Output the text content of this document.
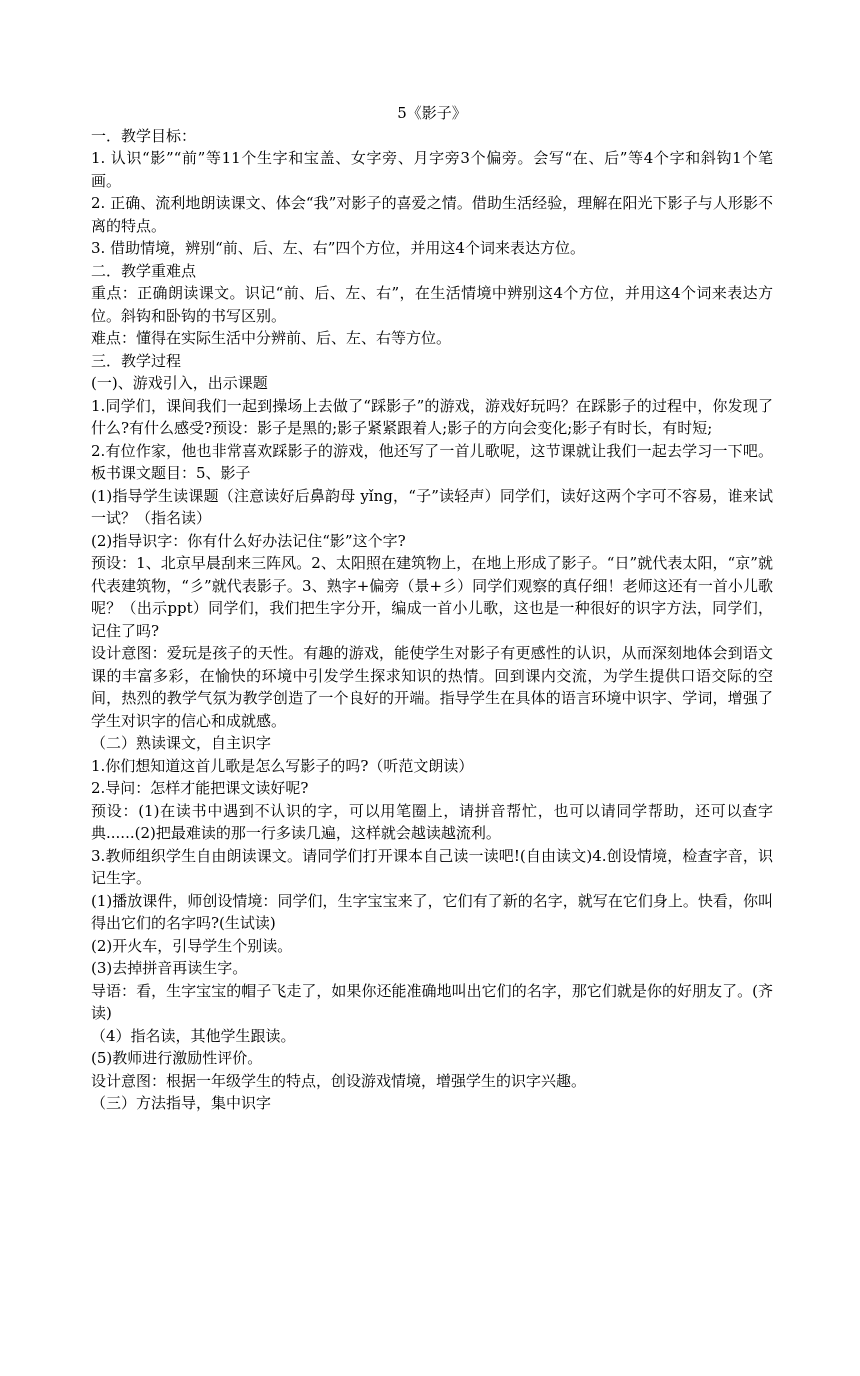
5《影子》

一．教学目标：

1. 认识“影”“前”等11个生字和宝盖、女字旁、月字旁3个偏旁。会写“在、后”等4个字和斜钩1个笔画。

2. 正确、流利地朗读课文、体会“我”对影子的喜爱之情。借助生活经验，理解在阳光下影子与人形影不离的特点。

3. 借助情境，辨别“前、后、左、右”四个方位，并用这4个词来表达方位。

二．教学重难点

重点：正确朗读课文。识记“前、后、左、右”，在生活情境中辨别这4个方位，并用这4个词来表达方位。斜钩和卧钩的书写区别。

难点：懂得在实际生活中分辨前、后、左、右等方位。

三．教学过程

(一)、游戏引入，出示课题

1.同学们，课间我们一起到操场上去做了“踩影子”的游戏，游戏好玩吗？在踩影子的过程中，你发现了什么?有什么感受?预设：影子是黑的;影子紧紧跟着人;影子的方向会变化;影子有时长，有时短;

2.有位作家，他也非常喜欢踩影子的游戏，他还写了一首儿歌呢，这节课就让我们一起去学习一下吧。板书课文题目：5、影子

(1)指导学生读课题（注意读好后鼻韵母 yǐng，“子”读轻声）同学们，读好这两个字可不容易，谁来试一试？（指名读）

(2)指导识字：你有什么好办法记住“影”这个字?

预设：1、北京早晨刮来三阵风。2、太阳照在建筑物上，在地上形成了影子。“日”就代表太阳，“京”就代表建筑物，“彡”就代表影子。3、熟字+偏旁（景+彡）同学们观察的真仔细！老师这还有一首小儿歌呢？（出示ppt）同学们，我们把生字分开，编成一首小儿歌，这也是一种很好的识字方法，同学们，记住了吗?

设计意图：爱玩是孩子的天性。有趣的游戏，能使学生对影子有更感性的认识，从而深刻地体会到语文课的丰富多彩，在愉快的环境中引发学生探求知识的热情。回到课内交流，为学生提供口语交际的空间，热烈的教学气氛为教学创造了一个良好的开端。指导学生在具体的语言环境中识字、学词，增强了学生对识字的信心和成就感。

（二）熟读课文，自主识字

1.你们想知道这首儿歌是怎么写影子的吗?（听范文朗读）

2.导问：怎样才能把课文读好呢?

预设：(1)在读书中遇到不认识的字，可以用笔圈上，请拼音帮忙，也可以请同学帮助，还可以查字典......(2)把最难读的那一行多读几遍，这样就会越读越流利。

3.教师组织学生自由朗读课文。请同学们打开课本自己读一读吧!(自由读文)4.创设情境，检查字音，识记生字。

(1)播放课件，师创设情境：同学们，生字宝宝来了，它们有了新的名字，就写在它们身上。快看，你叫得出它们的名字吗?(生试读)

(2)开火车，引导学生个别读。

(3)去掉拼音再读生字。

导语：看，生字宝宝的帽子飞走了，如果你还能准确地叫出它们的名字，那它们就是你的好朋友了。(齐读)

（4）指名读，其他学生跟读。

(5)教师进行激励性评价。

设计意图：根据一年级学生的特点，创设游戏情境，增强学生的识字兴趣。

（三）方法指导，集中识字
